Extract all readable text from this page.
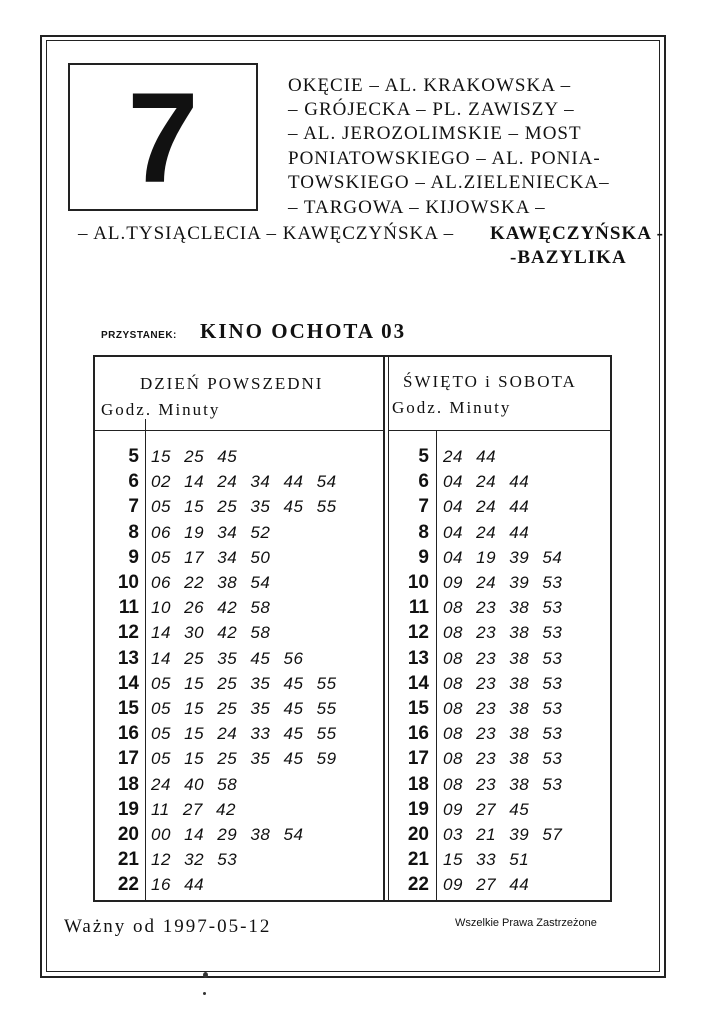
7	OKĘCIE – AL. KRAKOWSKA –
– GRÓJECKA – PL. ZAWISZY –
– AL. JEROZOLIMSKIE – MOST
PONIATOWSKIEGO – AL. PONIA-
TOWSKIEGO – AL.ZIELENIECKA–
– TARGOWA – KIJOWSKA –
– AL.TYSIĄCLECIA – KAWĘCZYŃSKA – KAWĘCZYŃSKA -
-BAZYLIKA
PRZYSTANEK: KINO OCHOTA 03
DZIEŃ POWSZEDNI
Godz. Minuty
ŚWIĘTO i SOBOTA
Godz. Minuty
5 15 25 45
6 02 14 24 34 44 54
7 05 15 25 35 45 55
8 06 19 34 52
9 05 17 34 50
10 06 22 38 54
11 10 26 42 58
12 14 30 42 58
13 14 25 35 45 56
14 05 15 25 35 45 55
15 05 15 25 35 45 55
16 05 15 24 33 45 55
17 05 15 25 35 45 59
18 24 40 58
19 11 27 42
20 00 14 29 38 54
21 12 32 53
22 16 44
5 24 44
6 04 24 44
7 04 24 44
8 04 24 44
9 04 19 39 54
10 09 24 39 53
11 08 23 38 53
12 08 23 38 53
13 08 23 38 53
14 08 23 38 53
15 08 23 38 53
16 08 23 38 53
17 08 23 38 53
18 08 23 38 53
19 09 27 45
20 03 21 39 57
21 15 33 51
22 09 27 44
Ważny od 1997-05-12	Wszelkie Prawa Zastrzeżone
